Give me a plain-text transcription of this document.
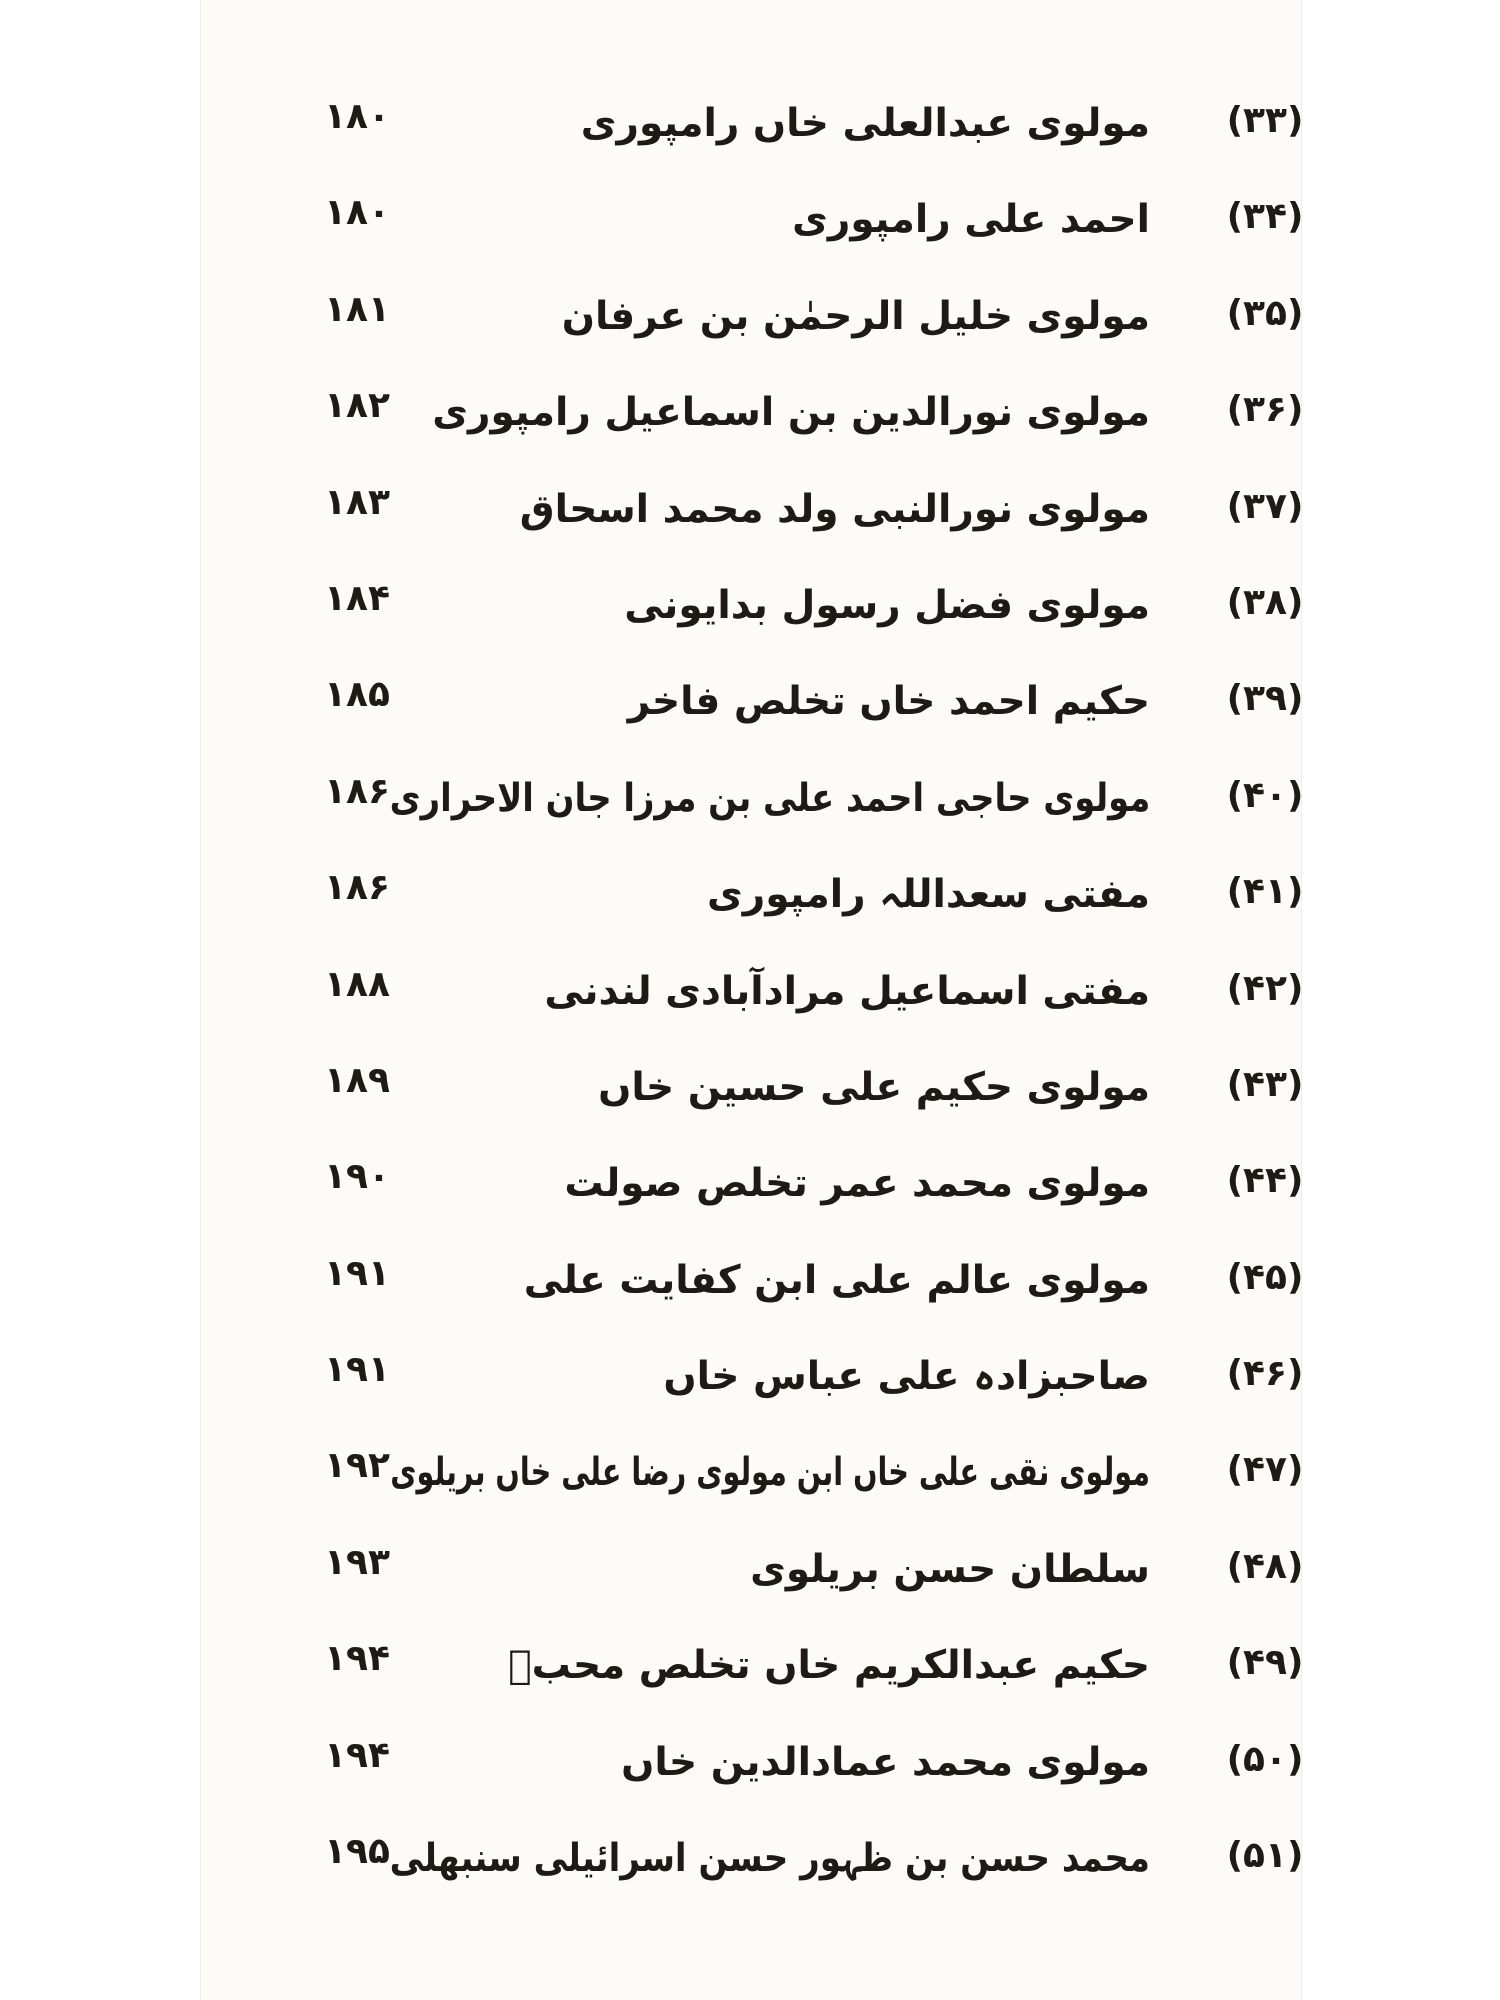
۱۸۰	مولوی عبدالعلی خاں رامپوری	(۳۳)
۱۸۰	احمد علی رامپوری	(۳۴)
۱۸۱	مولوی خلیل الرحمٰن بن عرفان	(۳۵)
۱۸۲ مولوی نورالدین بن اسماعیل رامپوری	(۳۶)
۱۸۳	مولوی نورالنبی ولد محمد اسحاق	(۳۷)
۱۸۴	مولوی فضل رسول بدایونی	(۳۸)
۱۸۵	حکیم احمد خاں تخلص فاخر	(۳۹)
۱۸۶ مولوی حاجی احمد علی بن مرزا جان الاحراری	(۴۰)
۱۸۶	مفتی سعداللہ رامپوری	(۴۱)
۱۸۸	مفتی اسماعیل مرادآبادی لندنی	(۴۲)
۱۸۹	مولوی حکیم علی حسین خاں	(۴۳)
۱۹۰	مولوی محمد عمر تخلص صولت	(۴۴)
۱۹۱	مولوی عالم علی ابن کفایت علی	(۴۵)
۱۹۱	صاحبزادہ علی عباس خاں	(۴۶)
۱۹۲ مولوی نقی علی خاں ابن مولوی رضا علی خاں بریلوی	(۴۷)
۱۹۳	سلطان حسن بریلوی	(۴۸)
۱۹۴	حکیم عبدالکریم خاں تخلص محبؔ	(۴۹)
۱۹۴	مولوی محمد عمادالدین خاں	(۵۰)
۱۹۵ محمد حسن بن ظہور حسن اسرائیلی سنبھلی	(۵۱)
